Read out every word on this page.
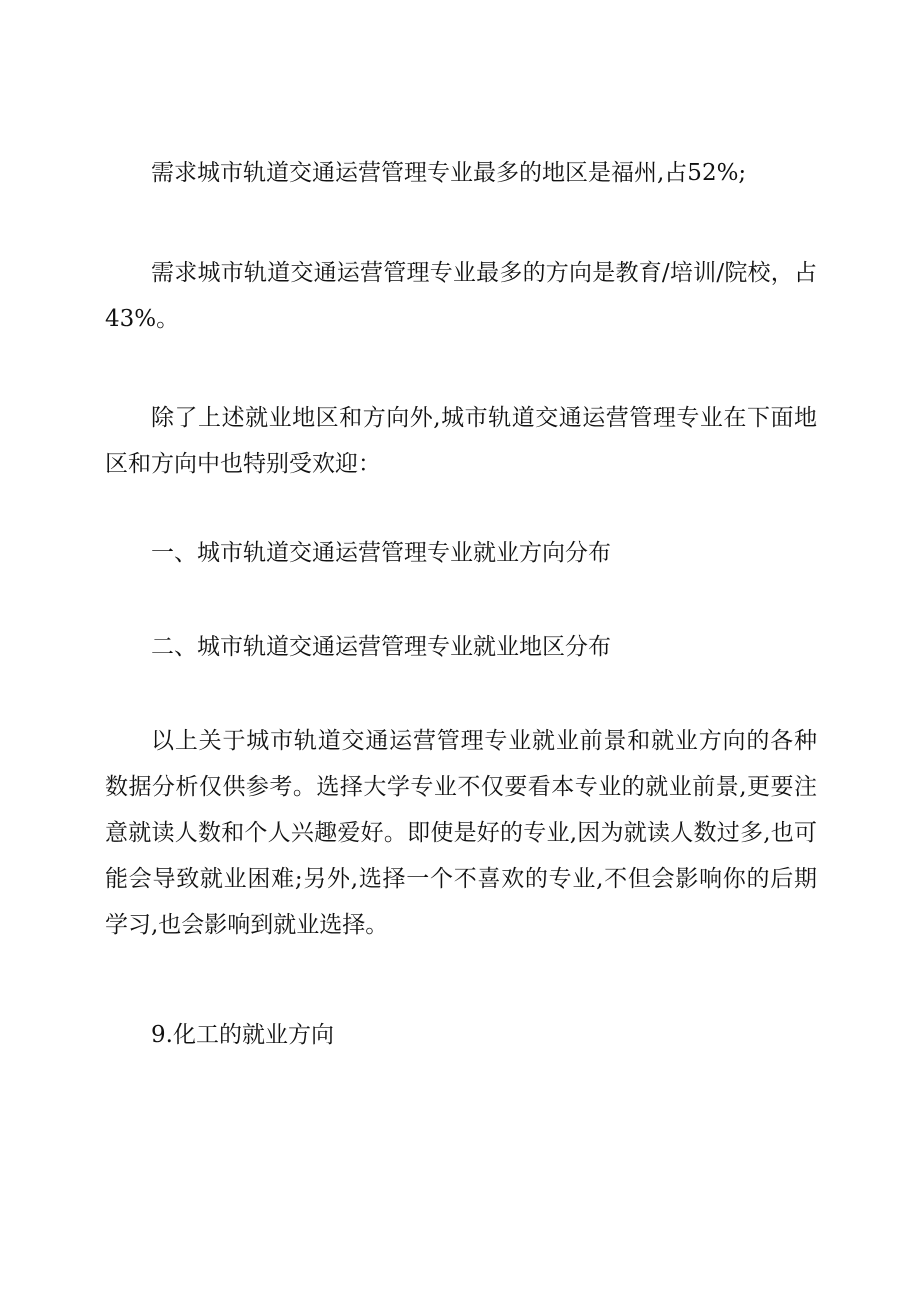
需求城市轨道交通运营管理专业最多的地区是福州,占52%;

需求城市轨道交通运营管理专业最多的方向是教育/培训/院校，占43%。

除了上述就业地区和方向外,城市轨道交通运营管理专业在下面地区和方向中也特别受欢迎：

一、城市轨道交通运营管理专业就业方向分布

二、城市轨道交通运营管理专业就业地区分布

以上关于城市轨道交通运营管理专业就业前景和就业方向的各种数据分析仅供参考。选择大学专业不仅要看本专业的就业前景,更要注意就读人数和个人兴趣爱好。即使是好的专业,因为就读人数过多,也可能会导致就业困难;另外,选择一个不喜欢的专业,不但会影响你的后期学习,也会影响到就业选择。

9.化工的就业方向
